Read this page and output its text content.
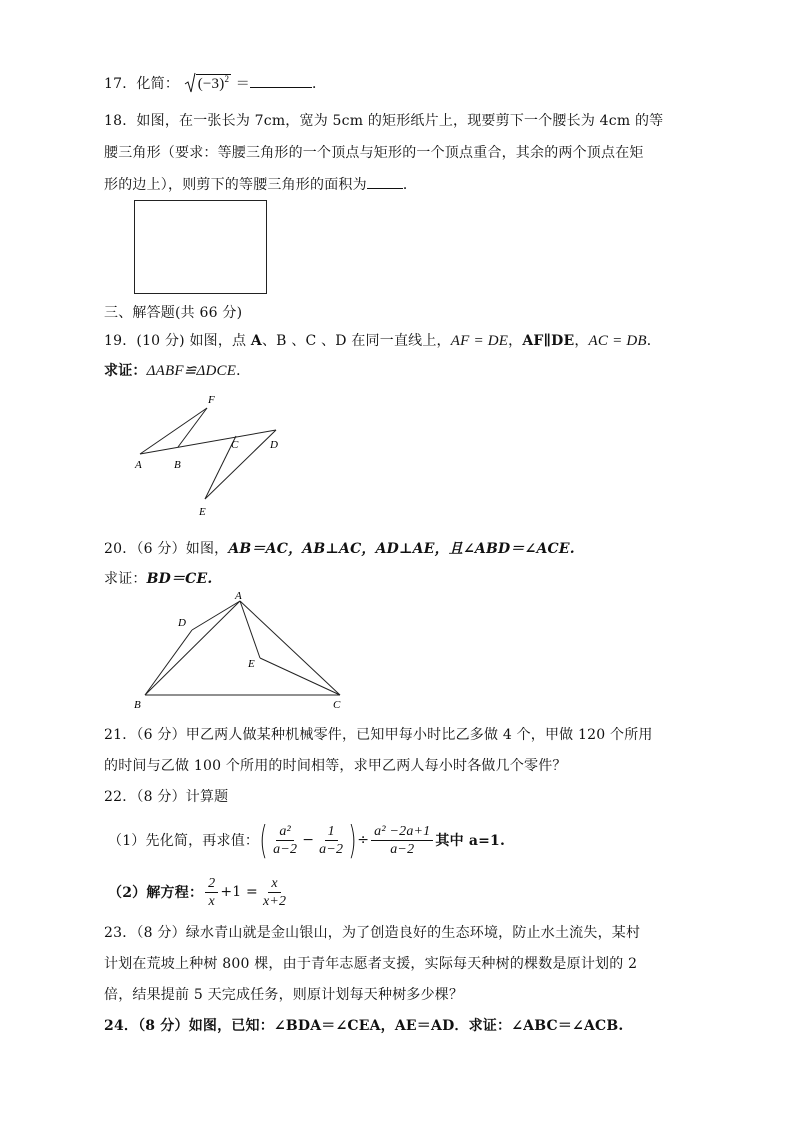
17．化简： $(-3)^2$ ＝	．
18．如图，在一张长为 7cm，宽为 5cm 的矩形纸片上，现要剪下一个腰长为 4cm 的等
腰三角形（要求：等腰三角形的一个顶点与矩形的一个顶点重合，其余的两个顶点在矩
形的边上），则剪下的等腰三角形的面积为	．
三、解答题(共 66 分)
19．(10 分) 如图，点 A、B 、C 、D 在同一直线上，AF = DE，AF∥DE，AC = DB．
求证：ΔABF≌ΔDCE．
F
A	B
C	D
E
20．（6 分）如图，AB＝AC，AB⊥AC，AD⊥AE，且∠ABD＝∠ACE.
求证：BD＝CE.
A
D
E
B	C
21．（6 分）甲乙两人做某种机械零件，已知甲每小时比乙多做 4 个，甲做 120 个所用
的时间与乙做 100 个所用的时间相等，求甲乙两人每小时各做几个零件？
22．（8 分）计算题
（1）先化简，再求值： ( $\frac{\text{a²}}{a-2} - \frac{1}{a-2}$ ) ÷ $\frac{\text{a² −2a+1}}{a-2}$ 其中 a=1.
（2）解方程： $\frac{2}{x} +1 = \frac{x}{x+2}$
23．（8 分）绿水青山就是金山银山，为了创造良好的生态环境，防止水土流失，某村
计划在荒坡上种树 800 棵，由于青年志愿者支援，实际每天种树的棵数是原计划的 2
倍，结果提前 5 天完成任务，则原计划每天种树多少棵？
24．（8 分）如图，已知：∠BDA＝∠CEA，AE＝AD．求证：∠ABC＝∠ACB.
